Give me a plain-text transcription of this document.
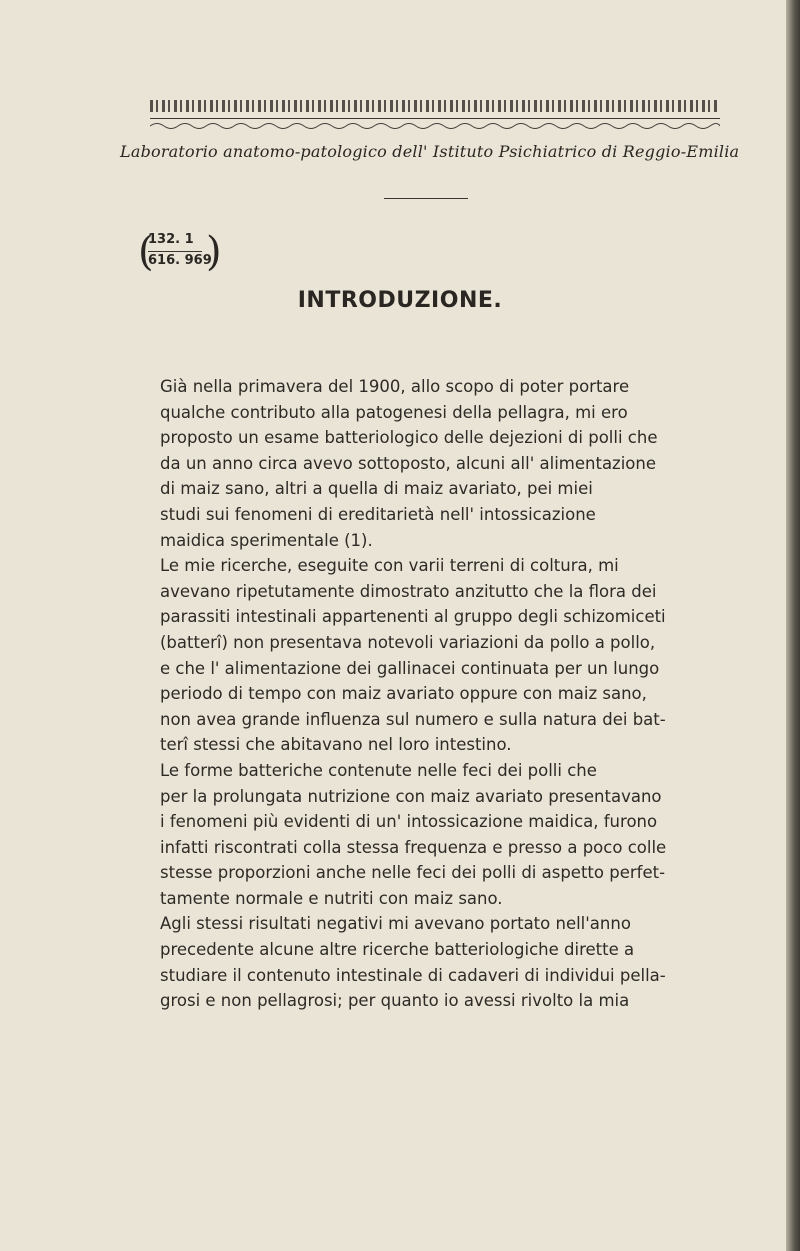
Laboratorio anatomo-patologico dell' Istituto Psichiatrico di Reggio-Emilia
(
132. 1
616. 969
)
INTRODUZIONE.

Già nella primavera del 1900, allo scopo di poter portare
qualche contributo alla patogenesi della pellagra, mi ero
proposto un esame batteriologico delle dejezioni di polli che
da un anno circa avevo sottoposto, alcuni all' alimentazione
di maiz sano, altri a quella di maiz avariato, pei miei
studi sui fenomeni di ereditarietà nell' intossicazione
maidica sperimentale (1).

Le mie ricerche, eseguite con varii terreni di coltura, mi
avevano ripetutamente dimostrato anzitutto che la flora dei
parassiti intestinali appartenenti al gruppo degli schizomiceti
(batterî) non presentava notevoli variazioni da pollo a pollo,
e che l' alimentazione dei gallinacei continuata per un lungo
periodo di tempo con maiz avariato oppure con maiz sano,
non avea grande influenza sul numero e sulla natura dei bat-
terî stessi che abitavano nel loro intestino.

Le forme batteriche contenute nelle feci dei polli che
per la prolungata nutrizione con maiz avariato presentavano
i fenomeni più evidenti di un' intossicazione maidica, furono
infatti riscontrati colla stessa frequenza e presso a poco colle
stesse proporzioni anche nelle feci dei polli di aspetto perfet-
tamente normale e nutriti con maiz sano.

Agli stessi risultati negativi mi avevano portato nell'anno
precedente alcune altre ricerche batteriologiche dirette a
studiare il contenuto intestinale di cadaveri di individui pella-
grosi e non pellagrosi; per quanto io avessi rivolto la mia
